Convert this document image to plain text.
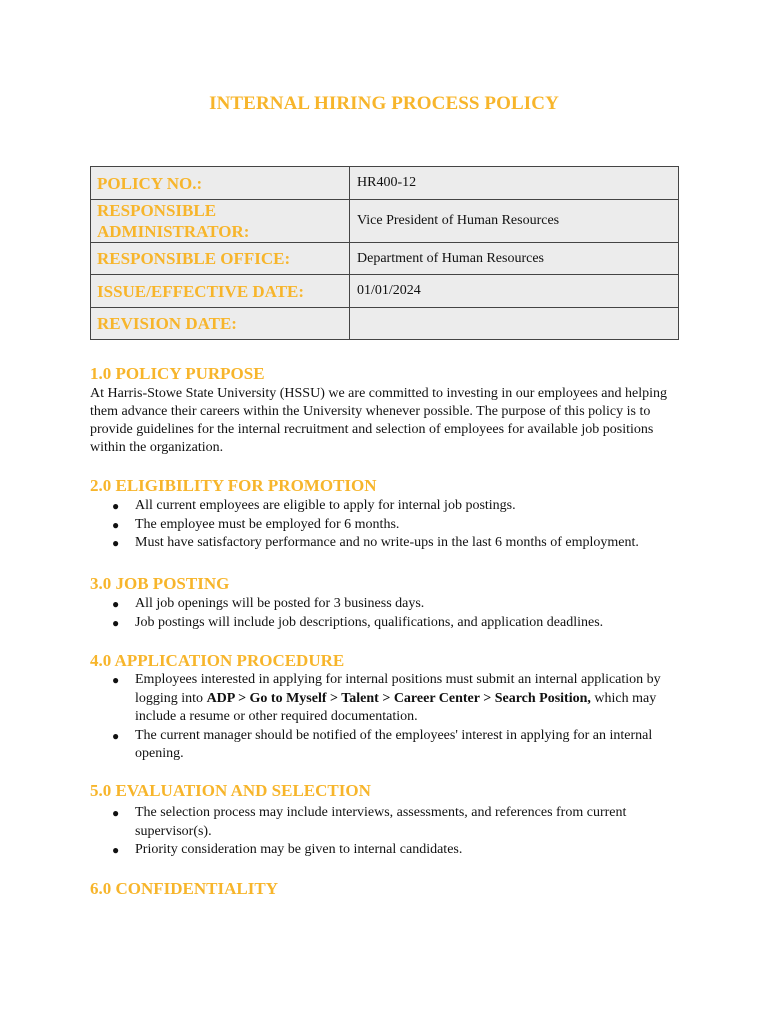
INTERNAL HIRING PROCESS POLICY
POLICY NO.:	HR400-12
RESPONSIBLE ADMINISTRATOR:	Vice President of Human Resources
RESPONSIBLE OFFICE:	Department of Human Resources
ISSUE/EFFECTIVE DATE:	01/01/2024
REVISION DATE:	
1.0 POLICY PURPOSE

At Harris-Stowe State University (HSSU) we are committed to investing in our employees and helping them advance their careers within the University whenever possible. The purpose of this policy is to provide guidelines for the internal recruitment and selection of employees for available job positions within the organization.

2.0 ELIGIBILITY FOR PROMOTION
● All current employees are eligible to apply for internal job postings.
● The employee must be employed for 6 months.
● Must have satisfactory performance and no write-ups in the last 6 months of employment.
3.0 JOB POSTING
● All job openings will be posted for 3 business days.
● Job postings will include job descriptions, qualifications, and application deadlines.
4.0 APPLICATION PROCEDURE
● Employees interested in applying for internal positions must submit an internal application by logging into ADP > Go to Myself > Talent > Career Center > Search Position, which may include a resume or other required documentation.
● The current manager should be notified of the employees' interest in applying for an internal opening.
5.0 EVALUATION AND SELECTION
● The selection process may include interviews, assessments, and references from current supervisor(s).
● Priority consideration may be given to internal candidates.
6.0 CONFIDENTIALITY
